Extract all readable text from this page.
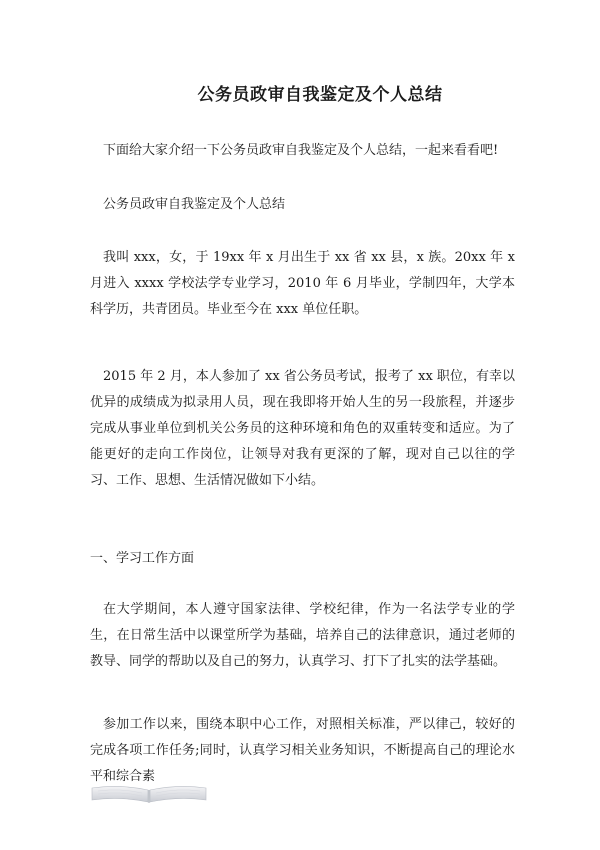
公务员政审自我鉴定及个人总结
下面给大家介绍一下公务员政审自我鉴定及个人总结，一起来看看吧!
公务员政审自我鉴定及个人总结
我叫 xxx，女，于 19xx 年 x 月出生于 xx 省 xx 县，x 族。20xx 年 x 月进入 xxxx 学校法学专业学习，2010 年 6 月毕业，学制四年，大学本科学历，共青团员。毕业至今在 xxx 单位任职。
2015 年 2 月，本人参加了 xx 省公务员考试，报考了 xx 职位，有幸以优异的成绩成为拟录用人员，现在我即将开始人生的另一段旅程，并逐步完成从事业单位到机关公务员的这种环境和角色的双重转变和适应。为了能更好的走向工作岗位，让领导对我有更深的了解，现对自己以往的学习、工作、思想、生活情况做如下小结。
一、学习工作方面
在大学期间，本人遵守国家法律、学校纪律，作为一名法学专业的学生，在日常生活中以课堂所学为基础，培养自己的法律意识，通过老师的教导、同学的帮助以及自己的努力，认真学习、打下了扎实的法学基础。
参加工作以来，围绕本职中心工作，对照相关标准，严以律己，较好的完成各项工作任务;同时，认真学习相关业务知识，不断提高自己的理论水平和综合素
